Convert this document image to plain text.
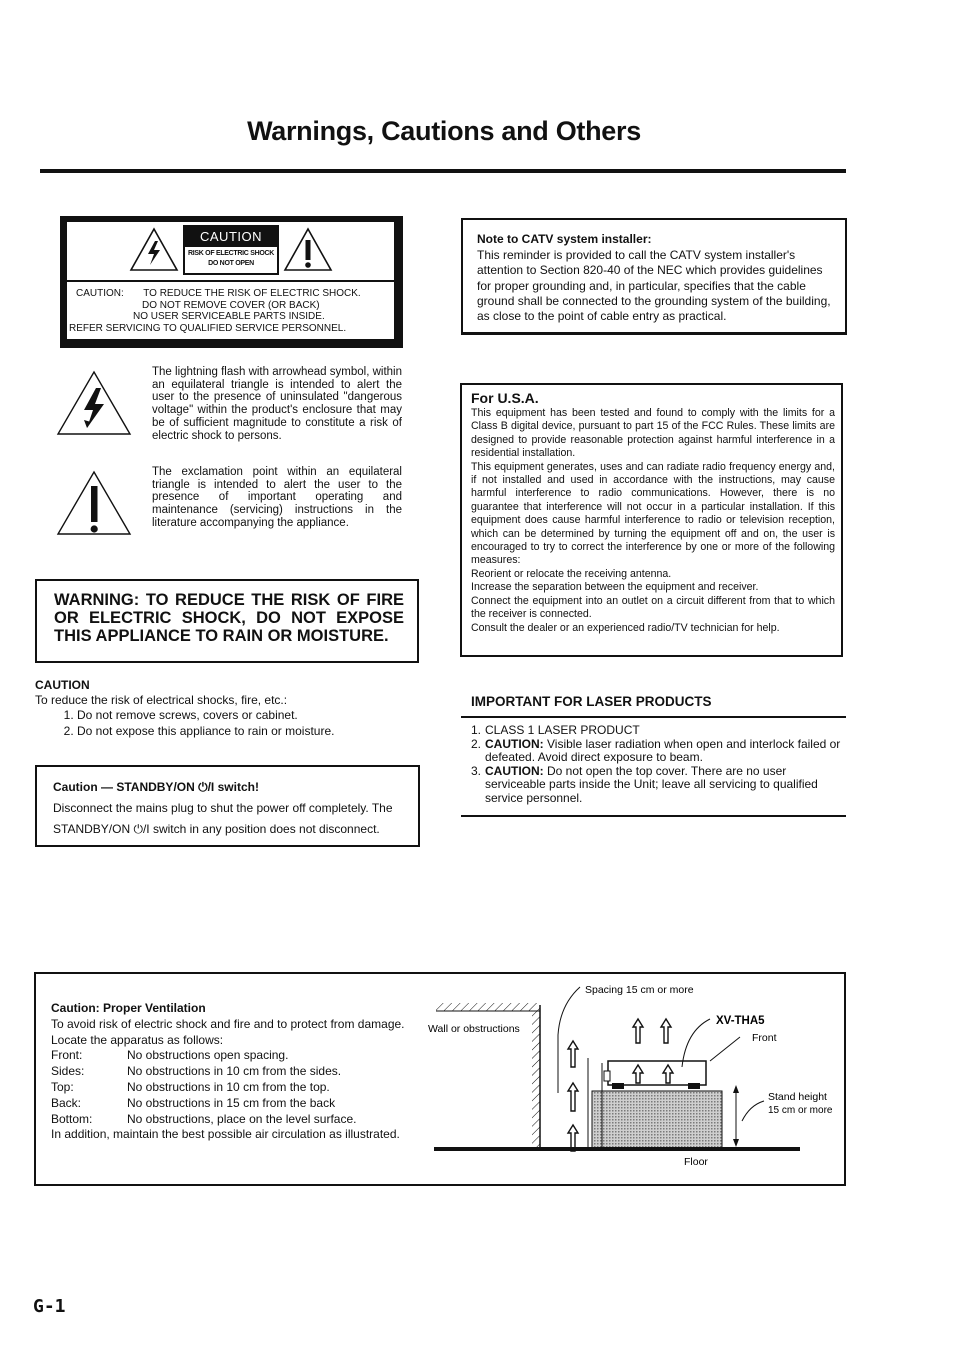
Warnings, Cautions and Others
CAUTION
RISK OF ELECTRIC SHOCK
DO NOT OPEN
CAUTION:       TO REDUCE THE RISK OF ELECTRIC SHOCK.
DO NOT REMOVE COVER (OR BACK)
NO USER SERVICEABLE PARTS INSIDE.
REFER SERVICING TO QUALIFIED SERVICE PERSONNEL.
The lightning flash with arrowhead symbol, within an equilateral triangle is intended to alert the user to the presence of uninsulated "dangerous voltage" within the product's enclosure that may be of sufficient magnitude to constitute a risk of electric shock to persons.
The exclamation point within an equilateral triangle is intended to alert the user to the presence of important operating and maintenance (servicing) instructions in the literature accompanying the appliance.
WARNING: TO REDUCE THE RISK OF FIRE OR ELECTRIC SHOCK, DO NOT EXPOSE THIS APPLIANCE TO RAIN OR MOISTURE.
CAUTION
To reduce the risk of electrical shocks, fire, etc.:
1. Do not remove screws, covers or cabinet.
2. Do not expose this appliance to rain or moisture.
Caution — STANDBY/ON ⏻/I switch!
Disconnect the mains plug to shut the power off completely. The STANDBY/ON ⏻/I switch in any position does not disconnect.
Note to CATV system installer:
This reminder is provided to call the CATV system installer's attention to Section 820-40 of the NEC which provides guidelines for proper grounding and, in particular, specifies that the cable ground shall be connected to the grounding system of the building, as close to the point of cable entry as practical.
For U.S.A.

This equipment has been tested and found to comply with the limits for a Class B digital device, pursuant to part 15 of the FCC Rules. These limits are designed to provide reasonable protection against harmful interference in a residential installation.

This equipment generates, uses and can radiate radio frequency energy and, if not installed and used in accordance with the instructions, may cause harmful interference to radio communications. However, there is no guarantee that interference will not occur in a particular installation. If this equipment does cause harmful interference to radio or television reception, which can be determined by turning the equipment off and on, the user is encouraged to try to correct the interference by one or more of the following measures:

Reorient or relocate the receiving antenna.

Increase the separation between the equipment and receiver.

Connect the equipment into an outlet on a circuit different from that to which the receiver is connected.

Consult the dealer or an experienced radio/TV technician for help.

IMPORTANT FOR LASER PRODUCTS
1. CLASS 1 LASER PRODUCT
2. CAUTION: Visible laser radiation when open and interlock failed or defeated. Avoid direct exposure to beam.
3. CAUTION: Do not open the top cover. There are no user serviceable parts inside the Unit; leave all servicing to qualified service personnel.
Caution: Proper Ventilation
To avoid risk of electric shock and fire and to protect from damage.
Locate the apparatus as follows:
Front:	No obstructions open spacing.
Sides:	No obstructions in 10 cm from the sides.
Top:	No obstructions in 10 cm from the top.
Back:	No obstructions in 15 cm from the back
Bottom:	No obstructions, place on the level surface.
In addition, maintain the best possible air circulation as illustrated.
Spacing 15 cm or more
Wall or obstructions
XV-THA5
Front
Stand height
15 cm or more
Floor
G-1
